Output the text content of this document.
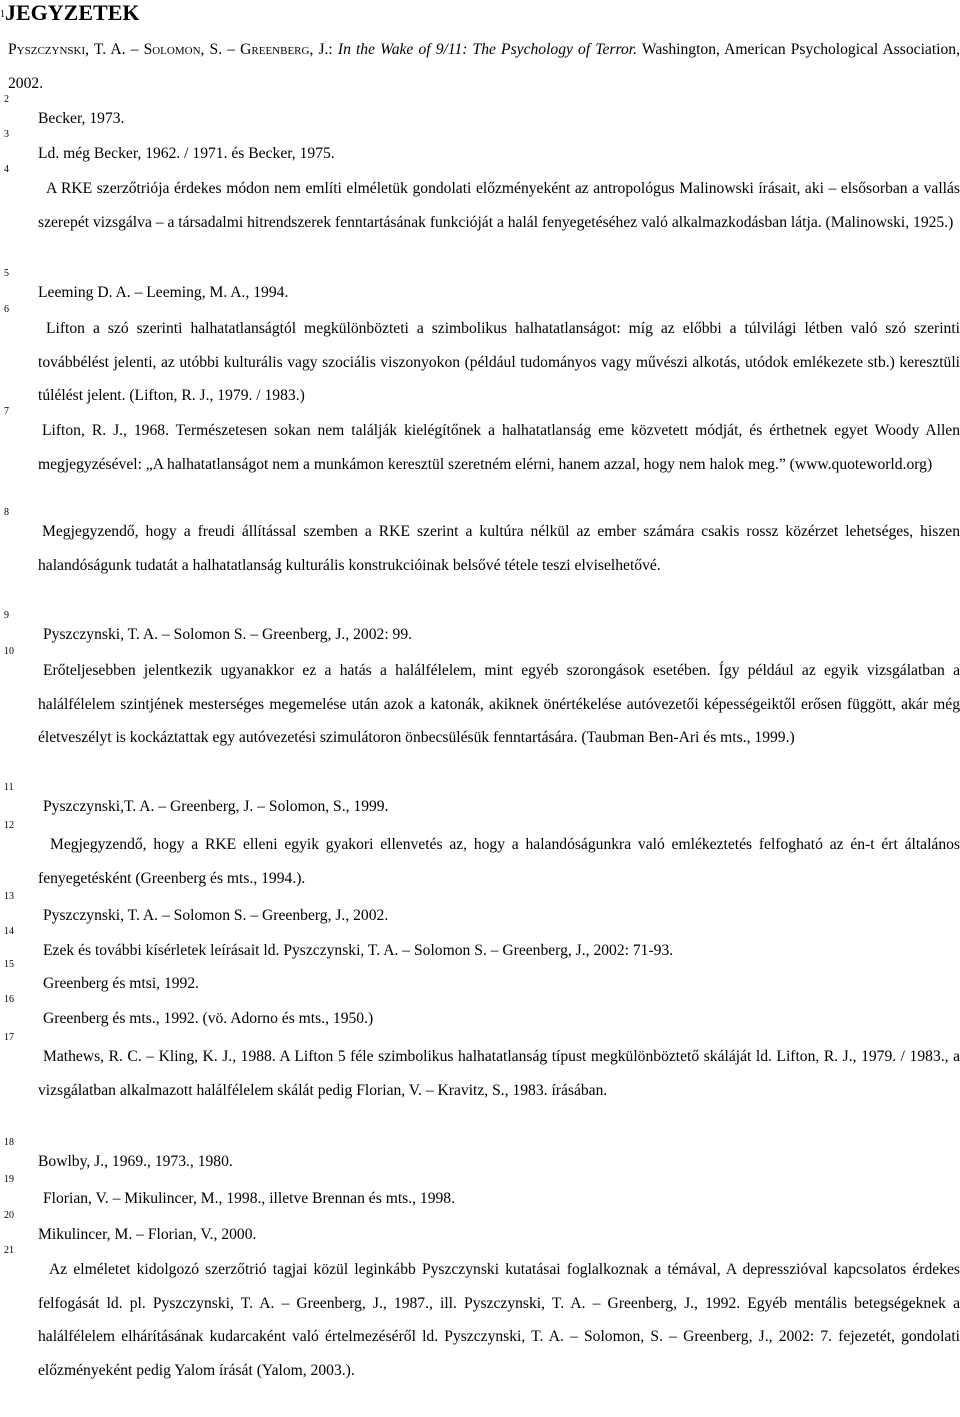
$^1$JEGYZETEK
Pyszczynski, T. A. – Solomon, S. – Greenberg, J.: In the Wake of 9/11: The Psychology of Terror. Washington, American Psychological Association, 2002.
2
Becker, 1973.
3
Ld. még Becker, 1962. / 1971. és Becker, 1975.
4
A RKE szerzőtriója érdekes módon nem említi elméletük gondolati előzményeként az antropológus Malinowski írásait, aki – elsősorban a vallás szerepét vizsgálva – a társadalmi hitrendszerek fenntartásának funkcióját a halál fenyegetéséhez való alkalmazkodásban látja. (Malinowski, 1925.)
5
Leeming D. A. – Leeming, M. A., 1994.
6
Lifton a szó szerinti halhatatlanságtól megkülönbözteti a szimbolikus halhatatlanságot: míg az előbbi a túlvilági létben való szó szerinti továbbélést jelenti, az utóbbi kulturális vagy szociális viszonyokon (például tudományos vagy művészi alkotás, utódok emlékezete stb.) keresztüli túlélést jelent. (Lifton, R. J., 1979. / 1983.)
7
Lifton, R. J., 1968. Természetesen sokan nem találják kielégítőnek a halhatatlanság eme közvetett módját, és érthetnek egyet Woody Allen megjegyzésével: „A halhatatlanságot nem a munkámon keresztül szeretném elérni, hanem azzal, hogy nem halok meg.” (www.quoteworld.org)
8
Megjegyzendő, hogy a freudi állítással szemben a RKE szerint a kultúra nélkül az ember számára csakis rossz közérzet lehetséges, hiszen halandóságunk tudatát a halhatatlanság kulturális konstrukcióinak belsővé tétele teszi elviselhetővé.
9
Pyszczynski, T. A. – Solomon S. – Greenberg, J., 2002: 99.
10
Erőteljesebben jelentkezik ugyanakkor ez a hatás a halálfélelem, mint egyéb szorongások esetében. Így például az egyik vizsgálatban a halálfélelem szintjének mesterséges megemelése után azok a katonák, akiknek önértékelése autóvezetői képességeiktől erősen függött, akár még életveszélyt is kockáztattak egy autóvezetési szimulátoron önbecsülésük fenntartására. (Taubman Ben-Ari és mts., 1999.)
11
Pyszczynski,T. A. – Greenberg, J. – Solomon, S., 1999.
12
Megjegyzendő, hogy a RKE elleni egyik gyakori ellenvetés az, hogy a halandóságunkra való emlékeztetés felfogható az én-t ért általános fenyegetésként (Greenberg és mts., 1994.).
13
Pyszczynski, T. A. – Solomon S. – Greenberg, J., 2002.
14
Ezek és további kísérletek leírásait ld. Pyszczynski, T. A. – Solomon S. – Greenberg, J., 2002: 71-93.
15
Greenberg és mtsi, 1992.
16
Greenberg és mts., 1992. (vö. Adorno és mts., 1950.)
17
Mathews, R. C. – Kling, K. J., 1988. A Lifton 5 féle szimbolikus halhatatlanság típust megkülönböztető skáláját ld. Lifton, R. J., 1979. / 1983., a vizsgálatban alkalmazott halálfélelem skálát pedig Florian, V. – Kravitz, S., 1983. írásában.
18
Bowlby, J., 1969., 1973., 1980.
19
Florian, V. – Mikulincer, M., 1998., illetve Brennan és mts., 1998.
20
Mikulincer, M. – Florian, V., 2000.
21
Az elméletet kidolgozó szerzőtrió tagjai közül leginkább Pyszczynski kutatásai foglalkoznak a témával, A depresszióval kapcsolatos érdekes felfogását ld. pl. Pyszczynski, T. A. – Greenberg, J., 1987., ill. Pyszczynski, T. A. – Greenberg, J., 1992. Egyéb mentális betegségeknek a halálfélelem elhárításának kudarcaként való értelmezéséről ld. Pyszczynski, T. A. – Solomon, S. – Greenberg, J., 2002: 7. fejezetét, gondolati előzményeként pedig Yalom írását (Yalom, 2003.).
